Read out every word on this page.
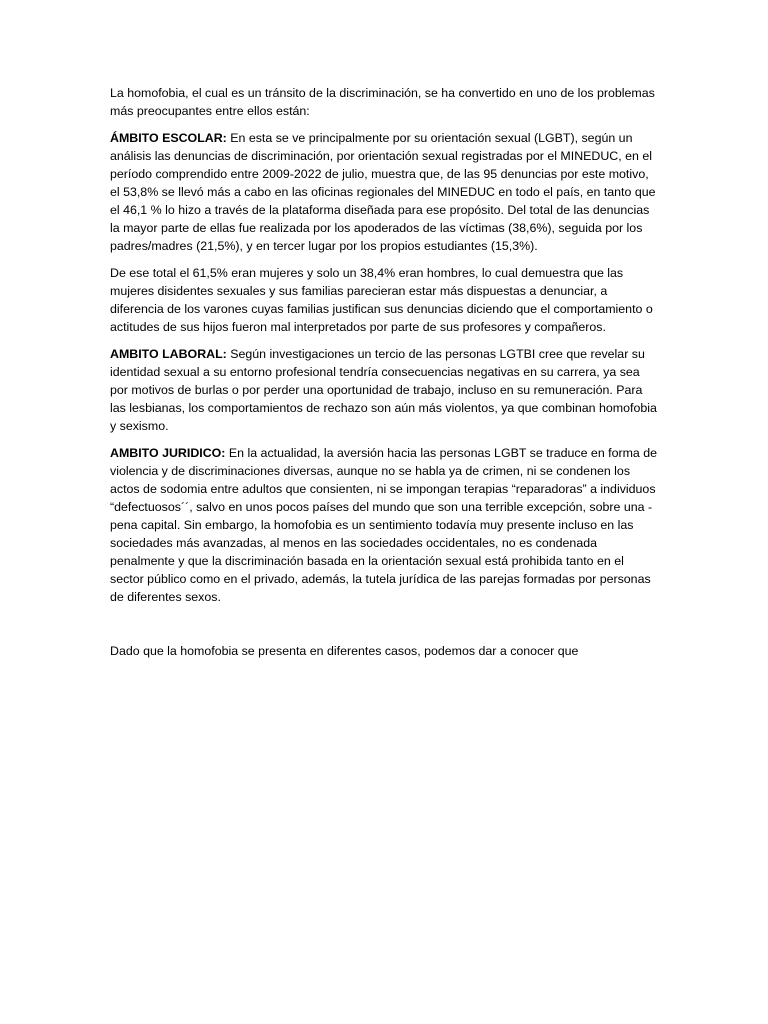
La homofobia, el cual es un tránsito de la discriminación, se ha convertido en uno de los problemas más preocupantes entre ellos están:

ÁMBITO ESCOLAR: En esta se ve principalmente por su orientación sexual (LGBT), según un análisis las denuncias de discriminación, por orientación sexual registradas por el MINEDUC, en el período comprendido entre 2009-2022 de julio, muestra que, de las 95 denuncias por este motivo, el 53,8% se llevó más a cabo en las oficinas regionales del MINEDUC en todo el país, en tanto que el 46,1 % lo hizo a través de la plataforma diseñada para ese propósito. Del total de las denuncias la mayor parte de ellas fue realizada por los apoderados de las víctimas (38,6%), seguida por los padres/madres (21,5%), y en tercer lugar por los propios estudiantes (15,3%).

De ese total el 61,5% eran mujeres y solo un 38,4% eran hombres, lo cual demuestra que las mujeres disidentes sexuales y sus familias parecieran estar más dispuestas a denunciar, a diferencia de los varones cuyas familias justifican sus denuncias diciendo que el comportamiento o actitudes de sus hijos fueron mal interpretados por parte de sus profesores y compañeros.

AMBITO LABORAL: Según investigaciones un tercio de las personas LGTBI cree que revelar su identidad sexual a su entorno profesional tendría consecuencias negativas en su carrera, ya sea por motivos de burlas o por perder una oportunidad de trabajo, incluso en su remuneración. Para las lesbianas, los comportamientos de rechazo son aún más violentos, ya que combinan homofobia y sexismo.

AMBITO JURIDICO: En la actualidad, la aversión hacia las personas LGBT se traduce en forma de violencia y de discriminaciones diversas, aunque no se habla ya de crimen, ni se condenen los actos de sodomia entre adultos que consienten, ni se impongan terapias “reparadoras” a individuos “defectuosos´´, salvo en unos pocos países del mundo que son una terrible excepción, sobre una -pena capital. Sin embargo, la homofobia es un sentimiento todavía muy presente incluso en las sociedades más avanzadas, al menos en las sociedades occidentales, no es condenada penalmente y que la discriminación basada en la orientación sexual está prohibida tanto en el sector público como en el privado, además, la tutela jurídica de las parejas formadas por personas de diferentes sexos.

Dado que la homofobia se presenta en diferentes casos, podemos dar a conocer que
